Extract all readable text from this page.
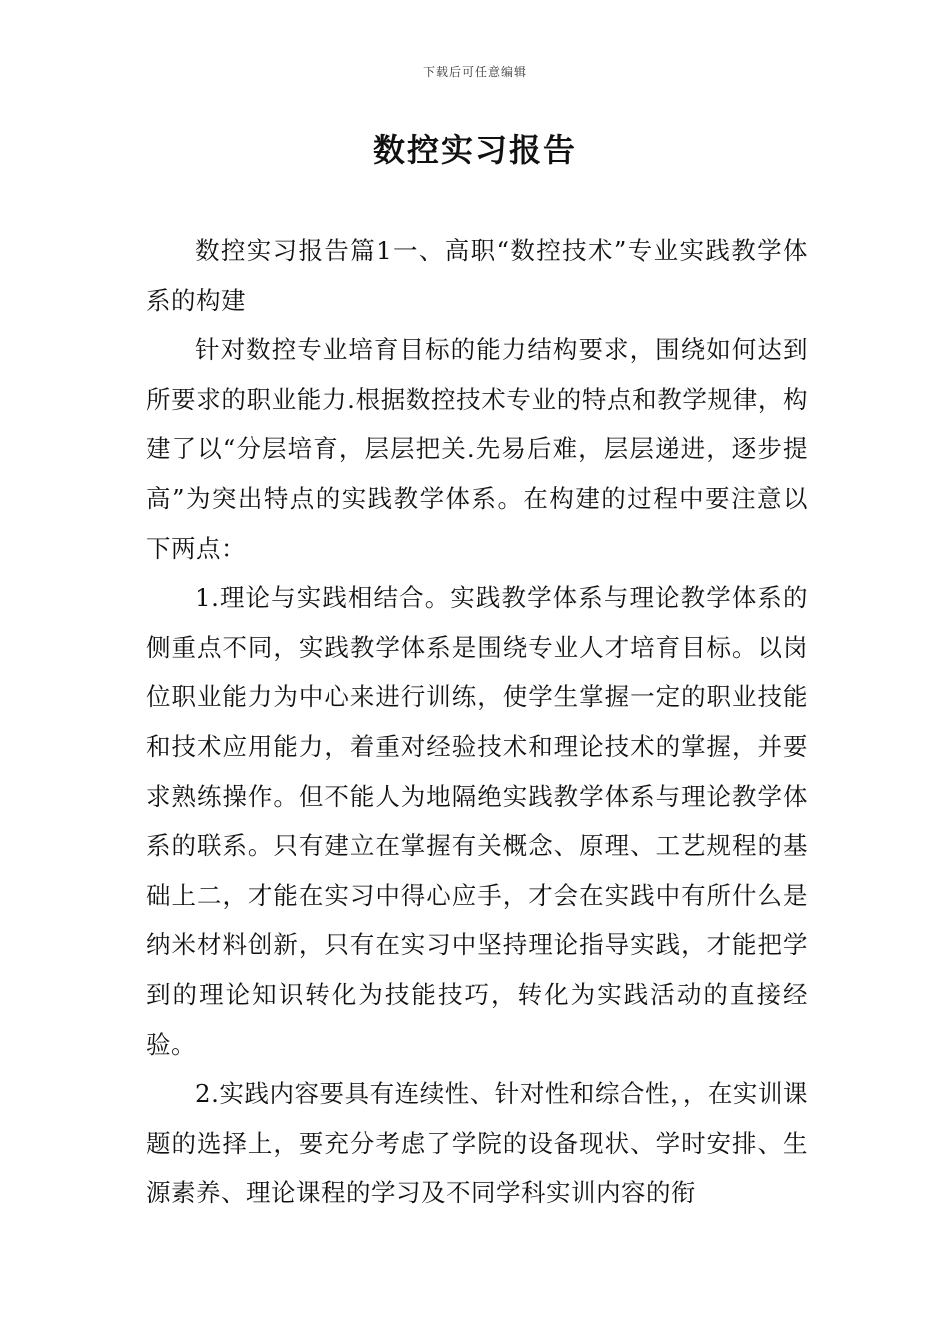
下载后可任意编辑
数控实习报告

数控实习报告篇1一、高职“数控技术”专业实践教学体系的构建

针对数控专业培育目标的能力结构要求，围绕如何达到所要求的职业能力.根据数控技术专业的特点和教学规律，构建了以“分层培育，层层把关.先易后难，层层递进，逐步提高”为突出特点的实践教学体系。在构建的过程中要注意以下两点：

1.理论与实践相结合。实践教学体系与理论教学体系的侧重点不同，实践教学体系是围绕专业人才培育目标。以岗位职业能力为中心来进行训练，使学生掌握一定的职业技能和技术应用能力，着重对经验技术和理论技术的掌握，并要求熟练操作。但不能人为地隔绝实践教学体系与理论教学体系的联系。只有建立在掌握有关概念、原理、工艺规程的基础上二，才能在实习中得心应手，才会在实践中有所什么是纳米材料创新，只有在实习中坚持理论指导实践，才能把学到的理论知识转化为技能技巧，转化为实践活动的直接经验。

2.实践内容要具有连续性、针对性和综合性，，在实训课题的选择上，要充分考虑了学院的设备现状、学时安排、生源素养、理论课程的学习及不同学科实训内容的衔
